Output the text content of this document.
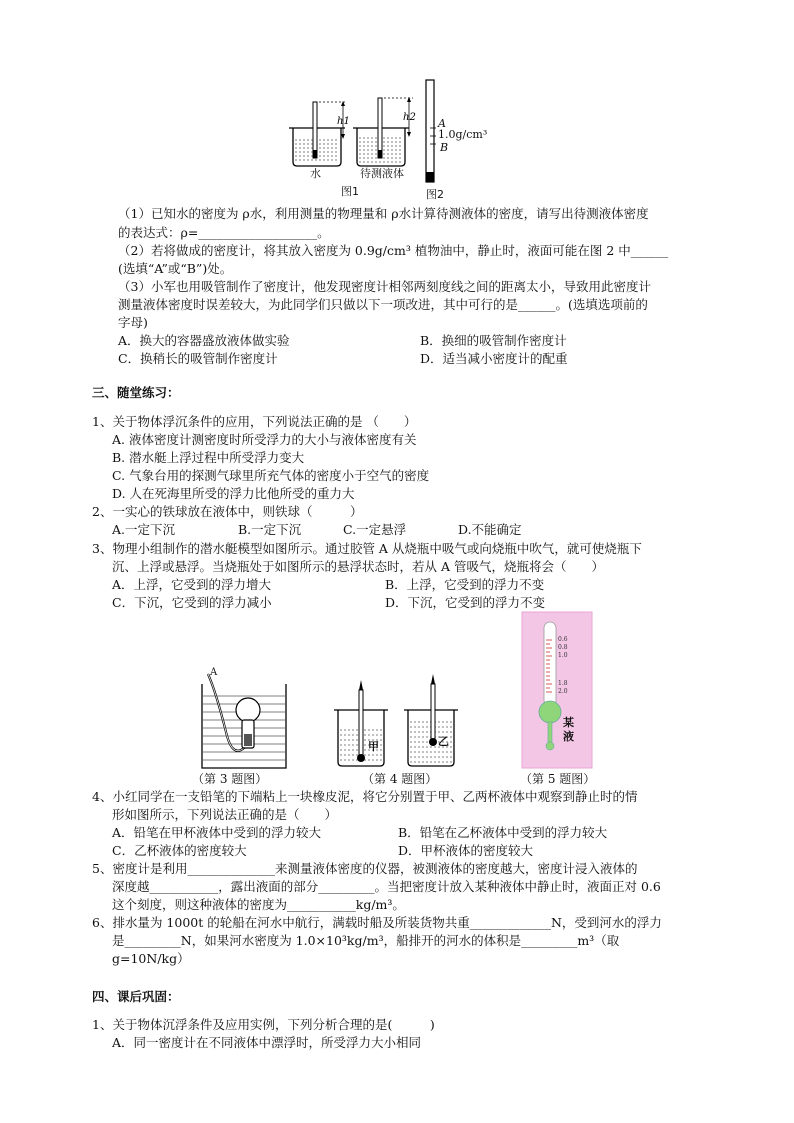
h1	h2
水	待测液体
图1
A
1.0g/cm³
B
图2
（1）已知水的密度为 ρ水，利用测量的物理量和 ρ水计算待测液体的密度，请写出待测液体密度
的表达式：ρ=___________________。
（2）若将做成的密度计，将其放入密度为 0.9g/cm³ 植物油中，静止时，液面可能在图 2 中______
(选填“A”或“B”)处。
（3）小军也用吸管制作了密度计，他发现密度计相邻两刻度线之间的距离太小，导致用此密度计
测量液体密度时误差较大，为此同学们只做以下一项改进，其中可行的是______。(选填选项前的
字母)
A．换大的容器盛放液体做实验	B．换细的吸管制作密度计
C．换稍长的吸管制作密度计	D．适当减小密度计的配重
三、随堂练习：
1、关于物体浮沉条件的应用，下列说法正确的是 （　　）
A. 液体密度计测密度时所受浮力的大小与液体密度有关
B. 潜水艇上浮过程中所受浮力变大
C. 气象台用的探测气球里所充气体的密度小于空气的密度
D. 人在死海里所受的浮力比他所受的重力大
2、一实心的铁球放在液体中，则铁球（　　　）
A.一定下沉	B.一定下沉	C.一定悬浮	D.不能确定
3、物理小组制作的潜水艇模型如图所示。通过胶管 A 从烧瓶中吸气或向烧瓶中吹气，就可使烧瓶下
沉、上浮或悬浮。当烧瓶处于如图所示的悬浮状态时，若从 A 管吸气，烧瓶将会（　　）
A．上浮，它受到的浮力增大	B．上浮，它受到的浮力不变
C．下沉，它受到的浮力减小	D．下沉，它受到的浮力不变
A
甲	乙
0.6
0.8
1.0
1.8
2.0
某
液
（第 3 题图）	（第 4 题图）	（第 5 题图）
4、小红同学在一支铅笔的下端粘上一块橡皮泥，将它分别置于甲、乙两杯液体中观察到静止时的情
形如图所示，下列说法正确的是（　　）
A．铅笔在甲杯液体中受到的浮力较大	B．铅笔在乙杯液体中受到的浮力较大
C．乙杯液体的密度较大	D．甲杯液体的密度较大
5、密度计是利用______________来测量液体密度的仪器，被测液体的密度越大，密度计浸入液体的
深度越___________，露出液面的部分_________。当把密度计放入某种液体中静止时，液面正对 0.6
这个刻度，则这种液体的密度为___________kg/m³。
6、排水量为 1000t 的轮船在河水中航行，满载时船及所装货物共重_____________N，受到河水的浮力
是_________N，如果河水密度为 1.0×10³kg/m³，船排开的河水的体积是_________m³（取
g=10N/kg）
四、课后巩固：
1、关于物体沉浮条件及应用实例，下列分析合理的是(　　　)
A．同一密度计在不同液体中漂浮时，所受浮力大小相同
